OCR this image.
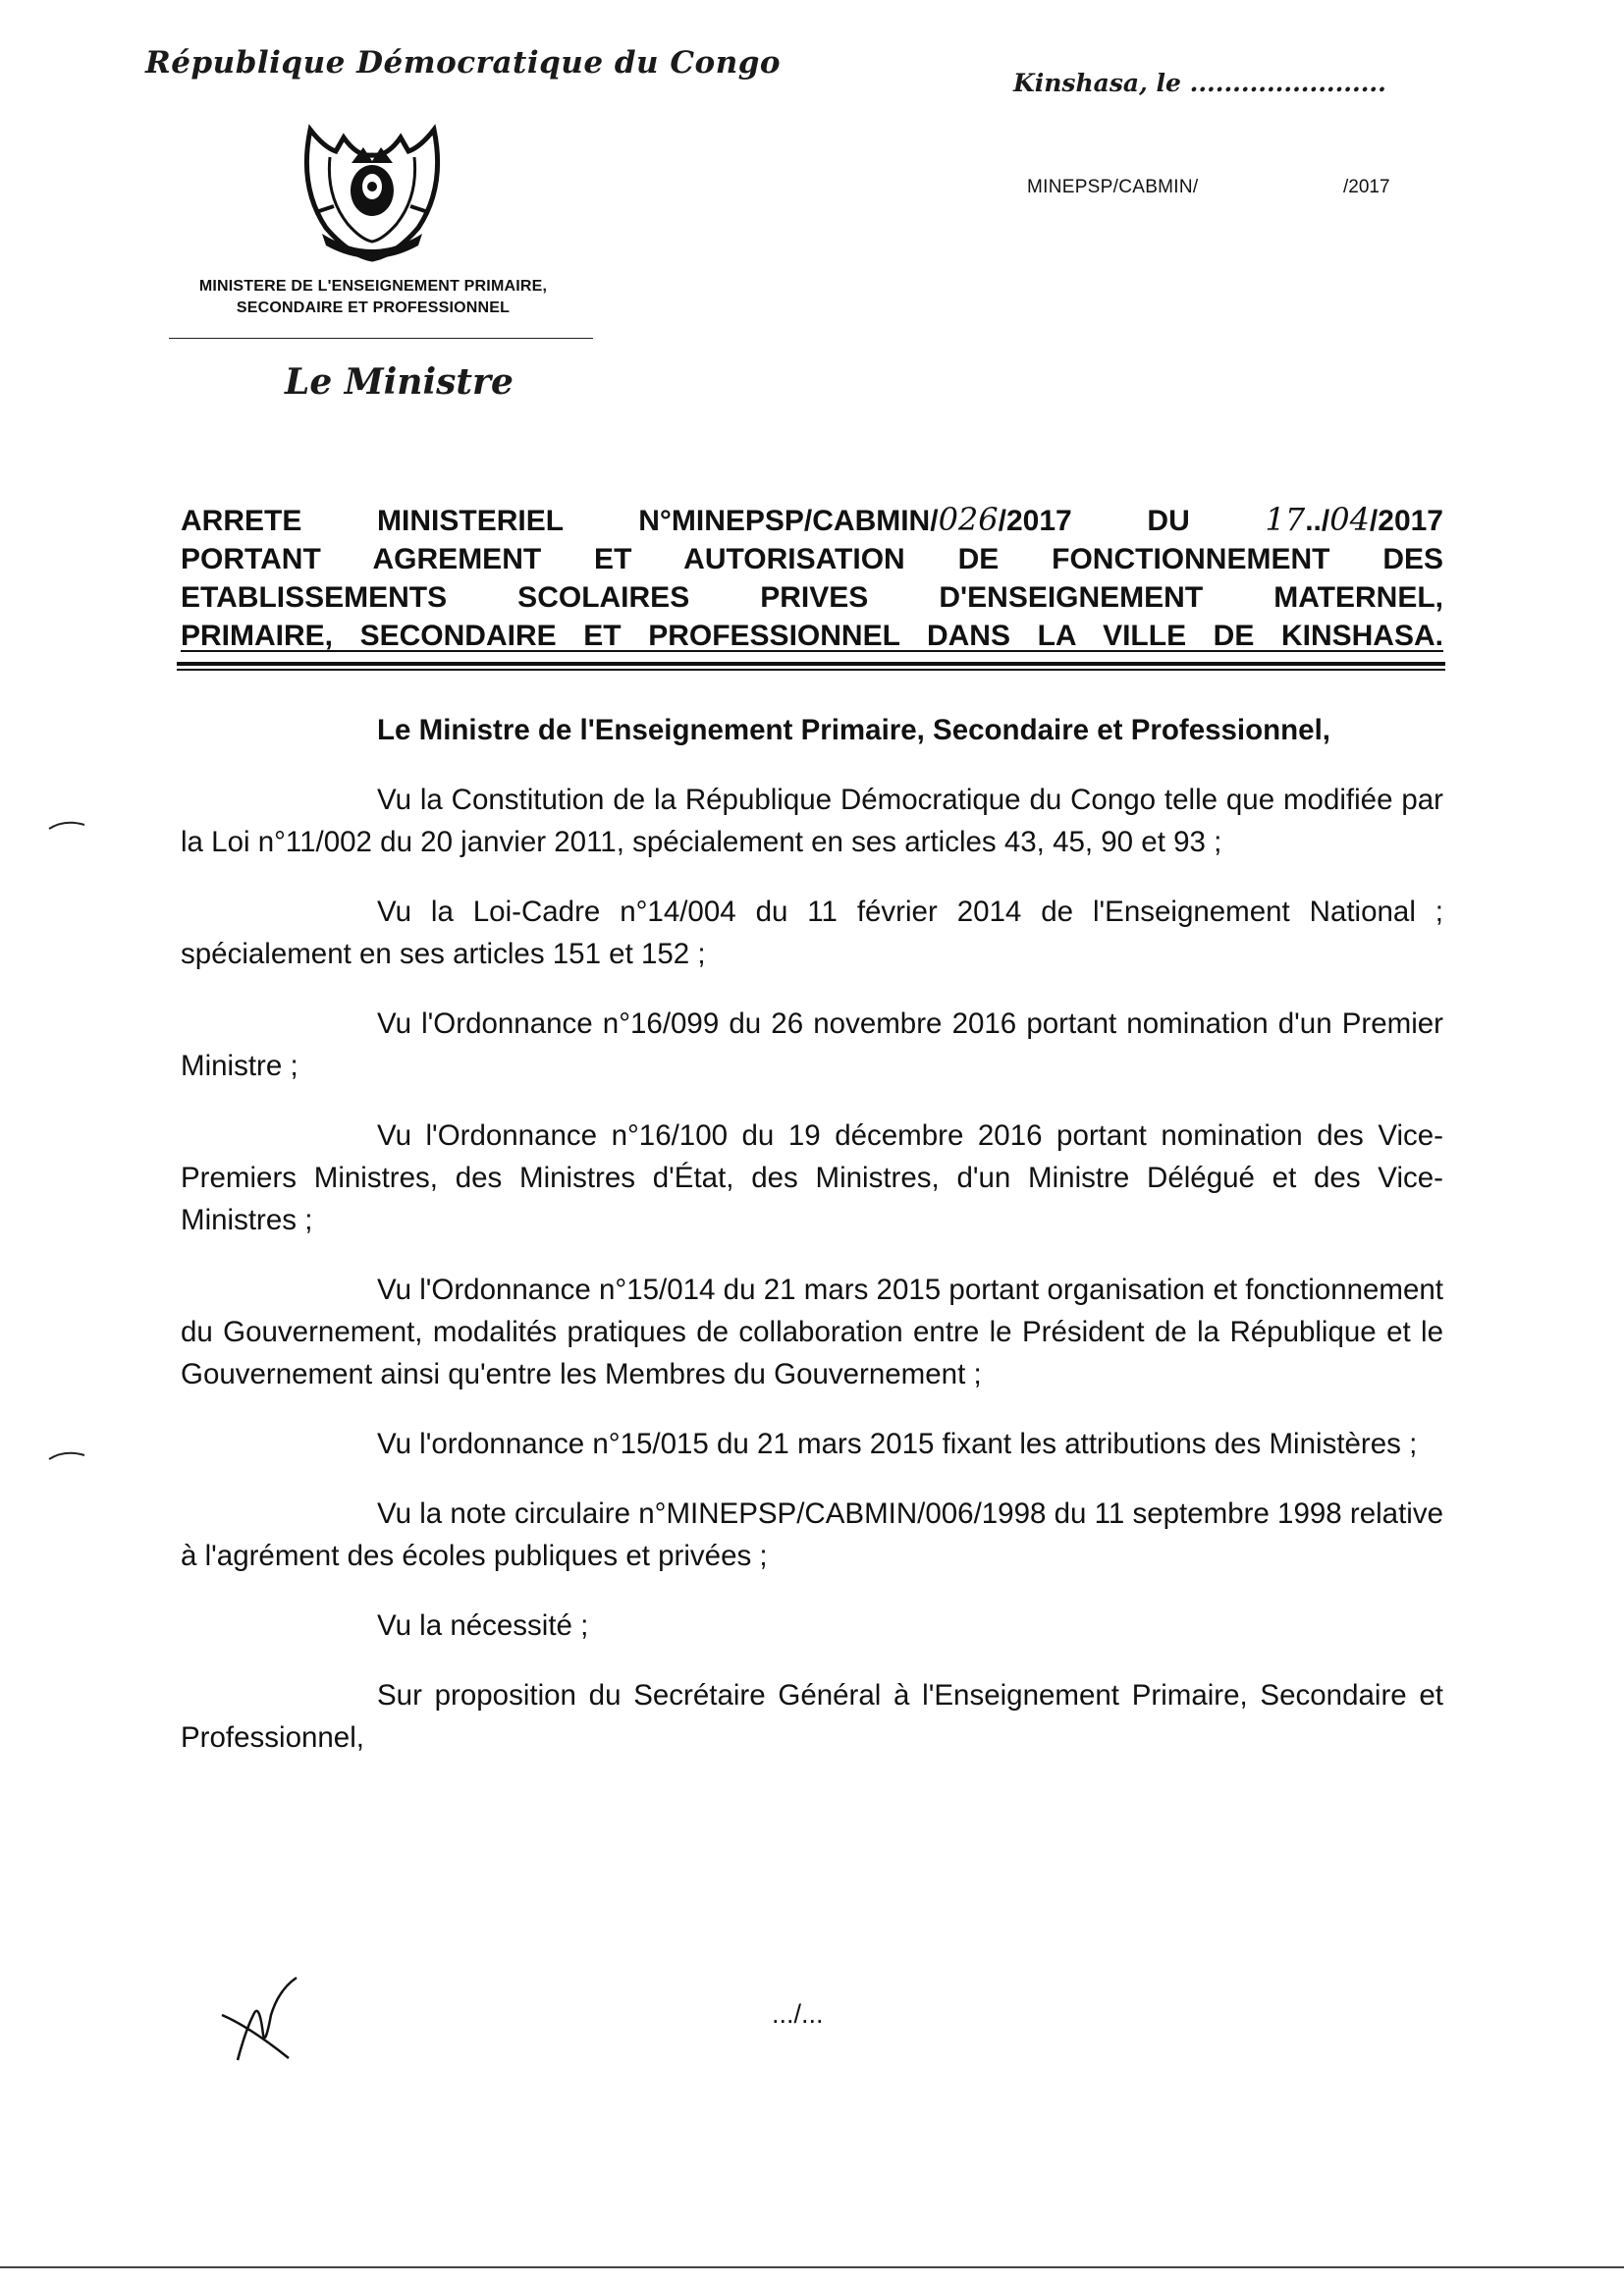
République Démocratique du Congo
Kinshasa, le .......................
MINEPSP/CABMIN/	/2017
MINISTERE DE L'ENSEIGNEMENT PRIMAIRE,
SECONDAIRE ET PROFESSIONNEL
Le Ministre
ARRETE MINISTERIEL N°MINEPSP/CABMIN/026/2017	DU 17../04/2017
PORTANT AGREMENT ET AUTORISATION DE FONCTIONNEMENT DES
ETABLISSEMENTS SCOLAIRES PRIVES D'ENSEIGNEMENT MATERNEL,
PRIMAIRE, SECONDAIRE ET PROFESSIONNEL DANS LA VILLE DE KINSHASA.

Le Ministre de l'Enseignement Primaire, Secondaire et Professionnel,

Vu la Constitution de la République Démocratique du Congo telle que modifiée par la Loi n°11/002 du 20 janvier 2011, spécialement en ses articles 43, 45, 90 et 93 ;

Vu la Loi-Cadre n°14/004 du 11 février 2014 de l'Enseignement National ; spécialement en ses articles 151 et 152 ;

Vu l'Ordonnance n°16/099 du 26 novembre 2016 portant nomination d'un Premier Ministre ;

Vu l'Ordonnance n°16/100 du 19 décembre 2016 portant nomination des Vice-Premiers Ministres, des Ministres d'État, des Ministres, d'un Ministre Délégué et des Vice-Ministres ;

Vu l'Ordonnance n°15/014 du 21 mars 2015 portant organisation et fonctionnement du Gouvernement, modalités pratiques de collaboration entre le Président de la République et le Gouvernement ainsi qu'entre les Membres du Gouvernement ;

Vu l'ordonnance n°15/015 du 21 mars 2015 fixant les attributions des Ministères ;

Vu la note circulaire n°MINEPSP/CABMIN/006/1998 du 11 septembre 1998 relative à l'agrément des écoles publiques et privées ;

Vu la nécessité ;

Sur proposition du Secrétaire Général à l'Enseignement Primaire, Secondaire et Professionnel,

.../...
